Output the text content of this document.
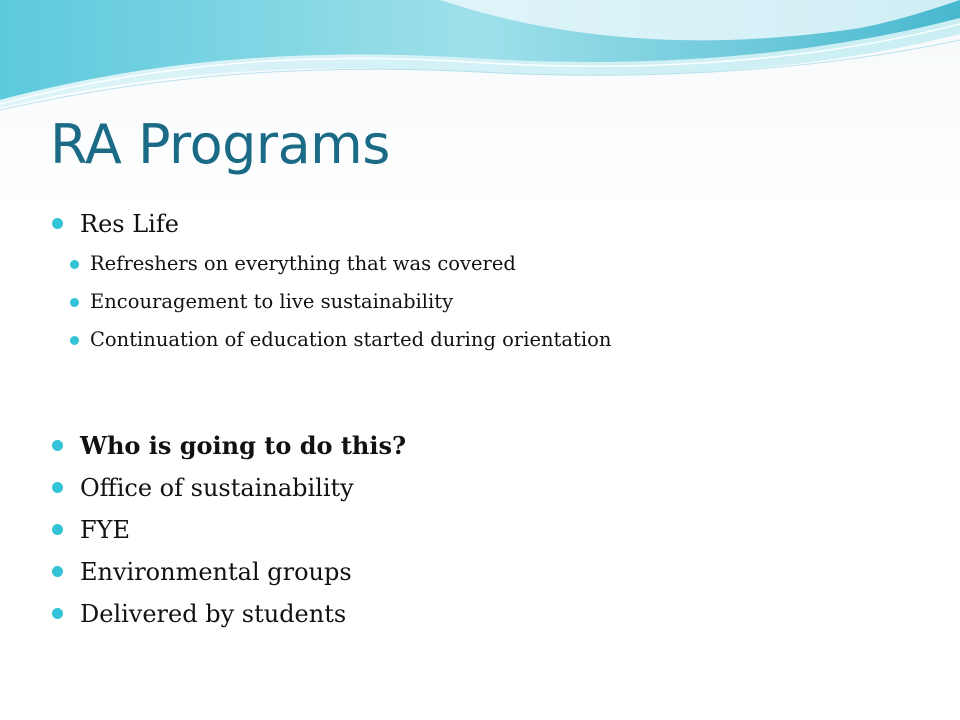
RA Programs
Res Life
Refreshers on everything that was covered
Encouragement to live sustainability
Continuation of education started during orientation
Who is going to do this?
Office of sustainability
FYE
Environmental groups
Delivered by students
